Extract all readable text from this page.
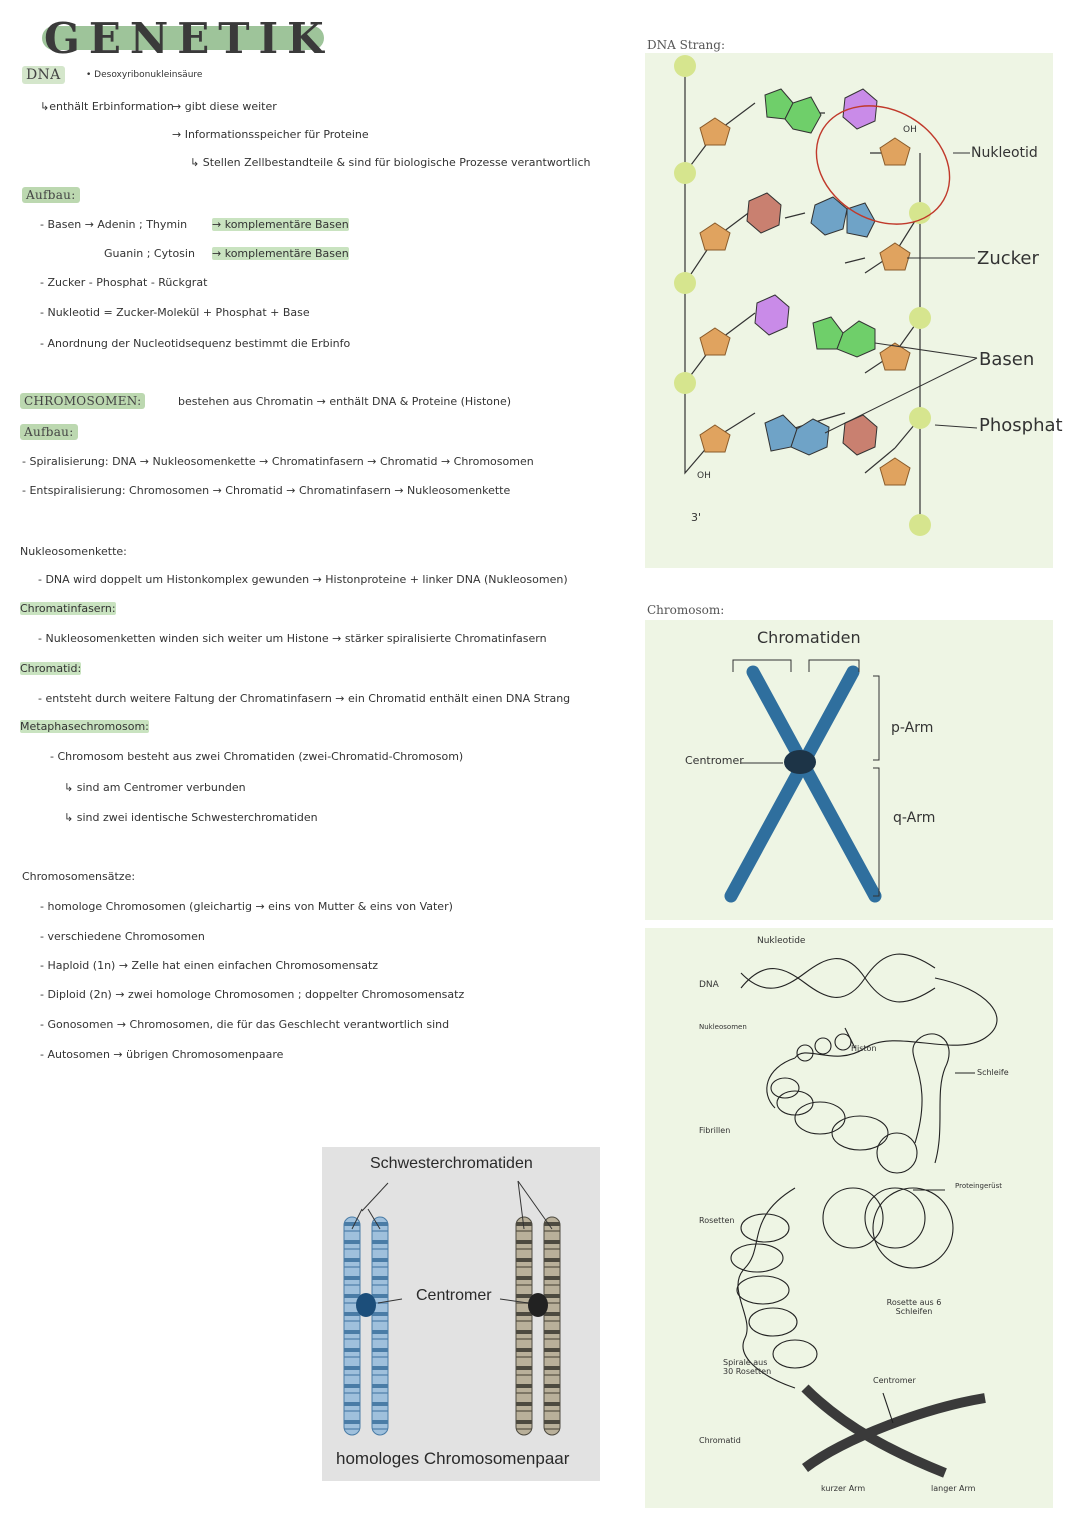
GENETIK
DNA	• Desoxyribonukleinsäure
↳enthält Erbinformation
→ gibt diese weiter
→ Informationsspeicher für Proteine
↳ Stellen Zellbestandteile & sind für biologische Prozesse verantwortlich
Aufbau:
- Basen → Adenin ; Thymin → komplementäre Basen
Guanin ; Cytosin → komplementäre Basen
- Zucker - Phosphat - Rückgrat
- Nukleotid = Zucker-Molekül + Phosphat + Base
- Anordnung der Nucleotidsequenz bestimmt die Erbinfo
CHROMOSOMEN:	bestehen aus Chromatin → enthält DNA & Proteine (Histone)
Aufbau:
- Spiralisierung: DNA → Nukleosomenkette → Chromatinfasern → Chromatid → Chromosomen
- Entspiralisierung: Chromosomen → Chromatid → Chromatinfasern → Nukleosomenkette
Nukleosomenkette:
- DNA wird doppelt um Histonkomplex gewunden → Histonproteine + linker DNA (Nukleosomen)
Chromatinfasern:
- Nukleosomenketten winden sich weiter um Histone → stärker spiralisierte Chromatinfasern
Chromatid:
- entsteht durch weitere Faltung der Chromatinfasern → ein Chromatid enthält einen DNA Strang
Metaphasechromosom:
- Chromosom besteht aus zwei Chromatiden (zwei-Chromatid-Chromosom)
↳ sind am Centromer verbunden
↳ sind zwei identische Schwesterchromatiden
Chromosomensätze:
- homologe Chromosomen (gleichartig → eins von Mutter & eins von Vater)
- verschiedene Chromosomen
- Haploid (1n) → Zelle hat einen einfachen Chromosomensatz
- Diploid (2n) → zwei homologe Chromosomen ; doppelter Chromosomensatz
- Gonosomen → Chromosomen, die für das Geschlecht verantwortlich sind
- Autosomen → übrigen Chromosomenpaare
Schwesterchromatiden
Centromer
homologes Chromosomenpaar
DNA Strang:
Nukleotid
Zucker
Basen
Phosphat
OH
OH
3'
Chromosom:
Chromatiden
Centromer
p-Arm
q-Arm
Nukleotide
DNA
Nukleosomen
Histon
Schleife
Fibrillen
Proteingerüst
Rosetten
Rosette aus 6 Schleifen
Spirale aus 30 Rosetten
Centromer
Chromatid
kurzer Arm	langer Arm
